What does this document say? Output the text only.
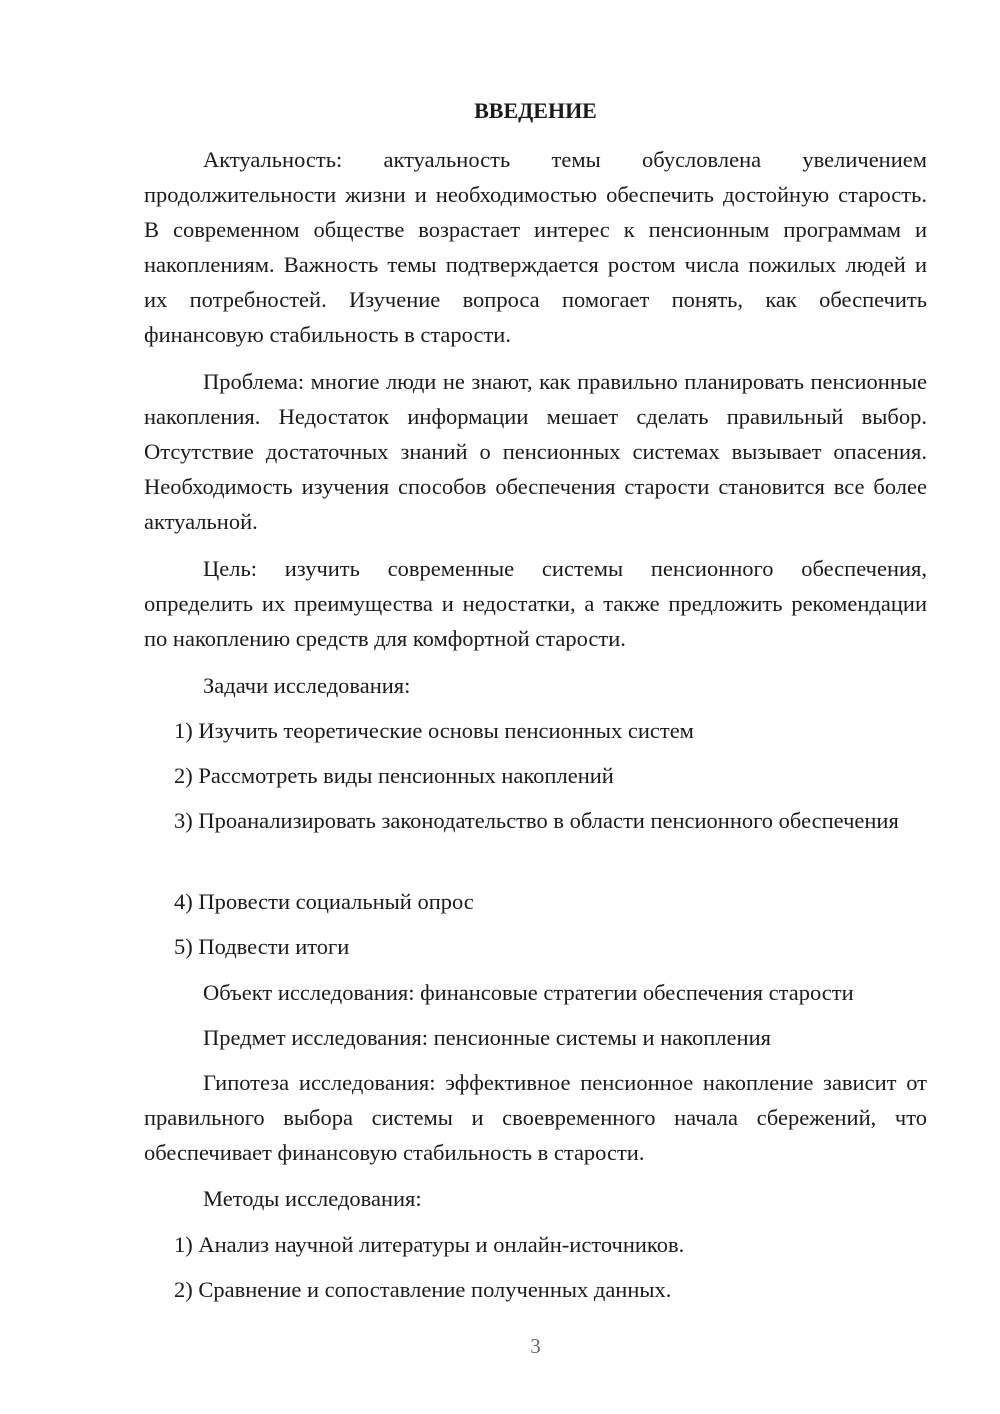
ВВЕДЕНИЕ

Актуальность: актуальность темы обусловлена увеличением продолжительности жизни и необходимостью обеспечить достойную старость. В современном обществе возрастает интерес к пенсионным программам и накоплениям. Важность темы подтверждается ростом числа пожилых людей и их потребностей. Изучение вопроса помогает понять, как обеспечить финансовую стабильность в старости.

Проблема: многие люди не знают, как правильно планировать пенсионные накопления. Недостаток информации мешает сделать правильный выбор. Отсутствие достаточных знаний о пенсионных системах вызывает опасения. Необходимость изучения способов обеспечения старости становится все более актуальной.

Цель: изучить современные системы пенсионного обеспечения, определить их преимущества и недостатки, а также предложить рекомендации по накоплению средств для комфортной старости.

Задачи исследования:

1) Изучить теоретические основы пенсионных систем

2) Рассмотреть виды пенсионных накоплений

3) Проанализировать законодательство в области пенсионного обеспечения

4) Провести социальный опрос

5) Подвести итоги

Объект исследования: финансовые стратегии обеспечения старости

Предмет исследования: пенсионные системы и накопления

Гипотеза исследования: эффективное пенсионное накопление зависит от правильного выбора системы и своевременного начала сбережений, что обеспечивает финансовую стабильность в старости.

Методы исследования:

1) Анализ научной литературы и онлайн-источников.

2) Сравнение и сопоставление полученных данных.

3
